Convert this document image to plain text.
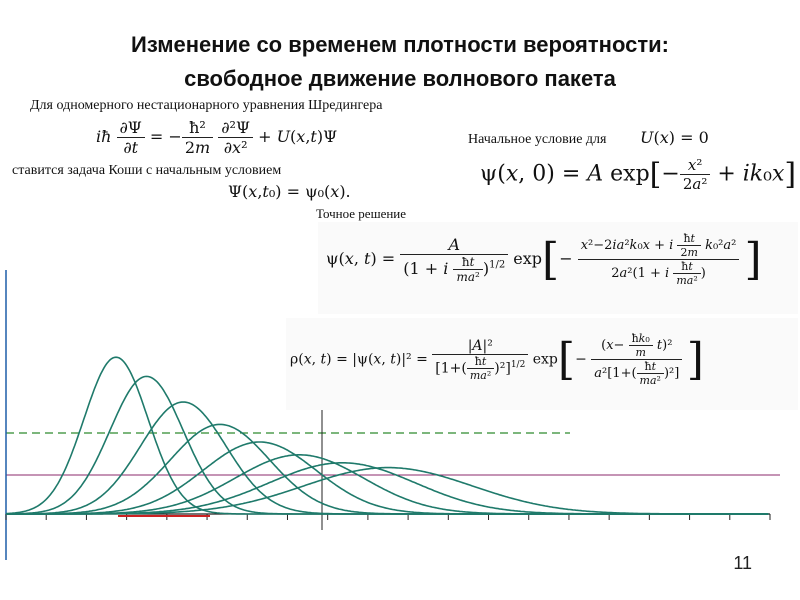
Изменение со временем плотности вероятности:
свободное движение волнового пакета
Для одномерного нестационарного уравнения Шредингера
iħ $\frac{\partial\Psi}{\partial t}$ = − $\frac{\text{ħ²}}{2m}$
$\frac{\text{∂²Ψ}}{\text{∂x²}} + U(x,t)\Psi$
ставится задача Коши с начальным условием
Ψ(x,t₀) = ψ₀(x).
Начальное условие для U(x) = 0
ψ(x, 0) = A $\exp[- \frac{\text{x²}}{\text{2a²}} + ik_0x]$
Точное решение
ψ(x, $t) = \frac{A}{(1 + i \frac{ħt}{\text{ma²}} )^{1/2}} \exp[- \frac{x^2-2ia^2k_0x + i \frac{ħt}{2m} k_0^2a^2}{2a^2(1 + i \frac{ħt}{\text{ma²}} )}$ ]
ρ(x, t) = |ψ(x, $t)|^2 = \frac{\text{|A|²}}{[1+( \frac{ħt}{\text{ma²}} )^2]^{1/2}} \exp[- \frac{(x- \frac{\text{ħk₀}}{m} t)^2}{a^2[1+( \frac{ħt}{\text{ma²}} )^2]}$ ]
11
